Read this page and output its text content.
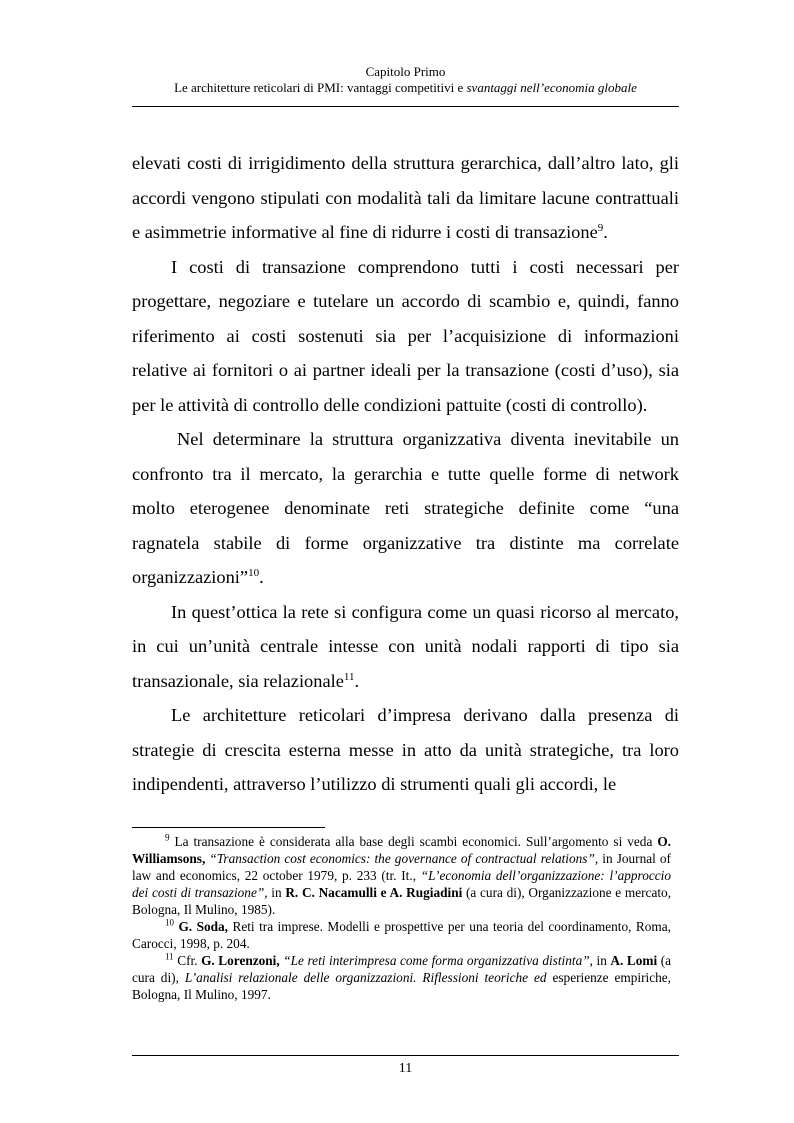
Capitolo Primo
Le architetture reticolari di PMI: vantaggi competitivi e svantaggi nell’economia globale

elevati costi di irrigidimento della struttura gerarchica, dall’altro lato, gli accordi vengono stipulati con modalità tali da limitare lacune contrattuali e asimmetrie informative al fine di ridurre i costi di transazione$^9$.

I costi di transazione comprendono tutti i costi necessari per progettare, negoziare e tutelare un accordo di scambio e, quindi, fanno riferimento ai costi sostenuti sia per l’acquisizione di informazioni relative ai fornitori o ai partner ideali per la transazione (costi d’uso), sia per le attività di controllo delle condizioni pattuite (costi di controllo).

Nel determinare la struttura organizzativa diventa inevitabile un confronto tra il mercato, la gerarchia e tutte quelle forme di network molto eterogenee denominate reti strategiche definite come “una ragnatela stabile di forme organizzative tra distinte ma correlate organizzazioni”$^{10}$.

In quest’ottica la rete si configura come un quasi ricorso al mercato, in cui un’unità centrale intesse con unità nodali rapporti di tipo sia transazionale, sia relazionale$^{11}$.

Le architetture reticolari d’impresa derivano dalla presenza di strategie di crescita esterna messe in atto da unità strategiche, tra loro indipendenti, attraverso l’utilizzo di strumenti quali gli accordi, le

$^9$ La transazione è considerata alla base degli scambi economici. Sull’argomento si veda O. Williamsons, “Transaction cost economics: the governance of contractual relations”, in Journal of law and economics, 22 october 1979, p. 233 (tr. It., “L’economia dell’organizzazione: l’approccio dei costi di transazione”, in R. C. Nacamulli e A. Rugiadini (a cura di), Organizzazione e mercato, Bologna, Il Mulino, 1985).

$^{10}$ G. Soda, Reti tra imprese. Modelli e prospettive per una teoria del coordinamento, Roma, Carocci, 1998, p. 204.

$^{11}$ Cfr. G. Lorenzoni, “Le reti interimpresa come forma organizzativa distinta”, in A. Lomi (a cura di), L’analisi relazionale delle organizzazioni. Riflessioni teoriche ed esperienze empiriche, Bologna, Il Mulino, 1997.

11
